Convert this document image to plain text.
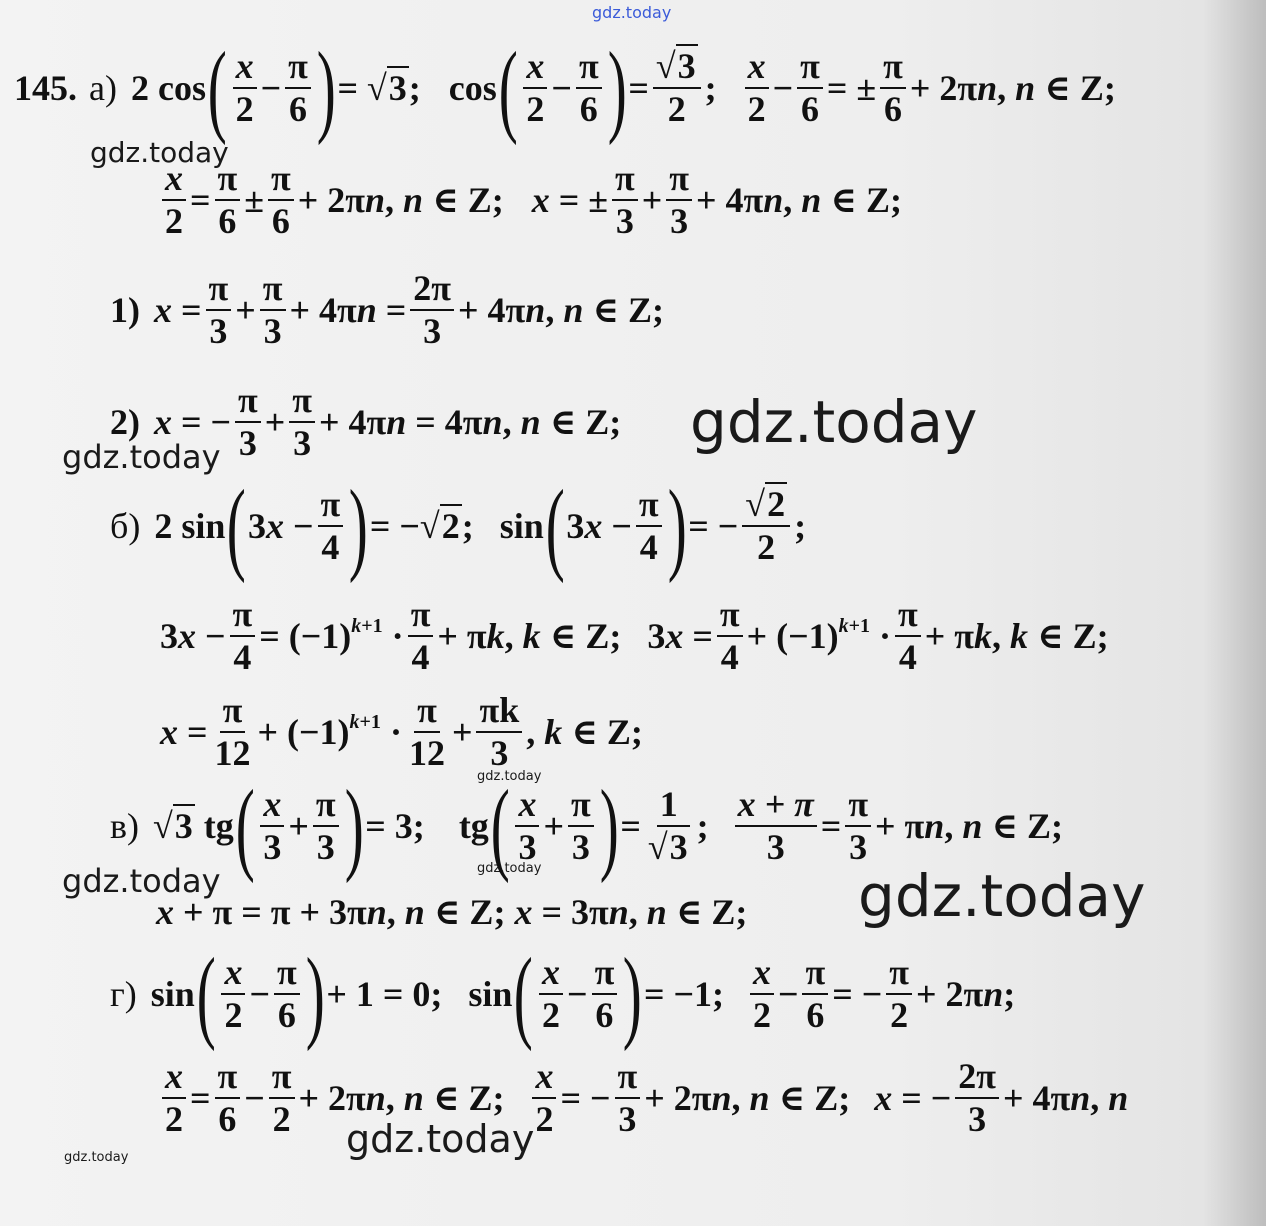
gdz.today
gdz.today
gdz.today
gdz.today
gdz.today
gdz.today
gdz.today	gdz.today
gdz.today
gdz.today
145. а) 2 cos ( $\frac{x}{2} - \frac{\pi}{6}$ ) = √3; cos ( $\frac{x}{2} - \frac{\pi}{6}$ ) = $\frac{√3}{2}$ ; $\frac{x}{2} - \frac{\pi}{6}$ = ± $\frac{\pi}{6} + 2\pi n$, n ∈ Z;
$\frac{x}{2} = \frac{\pi}{6} \pm \frac{\pi}{6} + 2\pi n$, n ∈ Z; x = ± $\frac{\pi}{3} + \frac{\pi}{3} + 4\pi n$, n ∈ Z;
1) $x = \frac{\pi}{3} + \frac{\pi}{3} + 4\pi n = \frac{2\pi}{3} + 4\pi n$, n ∈ Z;
2) x = − $\frac{\pi}{3} + \frac{\pi}{3} + 4\pi n = 4\pi n$, n ∈ Z;
б) 2 sin ( $3x - \frac{\pi}{4}$ ) = −√2; sin ( $3x - \frac{\pi}{4}$ ) = − $\frac{√2}{2}$ ;
$3x - \frac{\pi}{4} = (-1)^{k+1} \cdot \frac{\pi}{4} + \pi k$, k ∈ Z; $3x = \frac{\pi}{4} + (-1)^{k+1} \cdot \frac{\pi}{4} + \pi k$, k ∈ Z;
$x = \frac{\pi}{12} + (-1)^{k+1} \cdot \frac{\pi}{12} + \frac{\pi k}{3}$ , k ∈ Z;
в) √3 tg ( $\frac{x}{3} + \frac{\pi}{3}$ ) = 3; tg ( $\frac{x}{3} + \frac{\pi}{3}$ ) = $\frac{1}{√3}$ ; $\frac{x + \pi}{3} = \frac{\pi}{3} + \pi n$, n ∈ Z;
x + π = π + 3πn, n ∈ Z; x = 3πn, n ∈ Z;
г) sin ( $\frac{x}{2} - \frac{\pi}{6}$ ) + 1 = 0; sin ( $\frac{x}{2} - \frac{\pi}{6}$ ) = −1; $\frac{x}{2} - \frac{\pi}{6}$ = − $\frac{\pi}{2} + 2\pi n$;
$\frac{x}{2} = \frac{\pi}{6} - \frac{\pi}{2} + 2\pi n$, n ∈ Z; $\frac{x}{2}$ = − $\frac{\pi}{3} + 2\pi n$, n ∈ Z; x = − $\frac{2\pi}{3} + 4\pi n$, n
